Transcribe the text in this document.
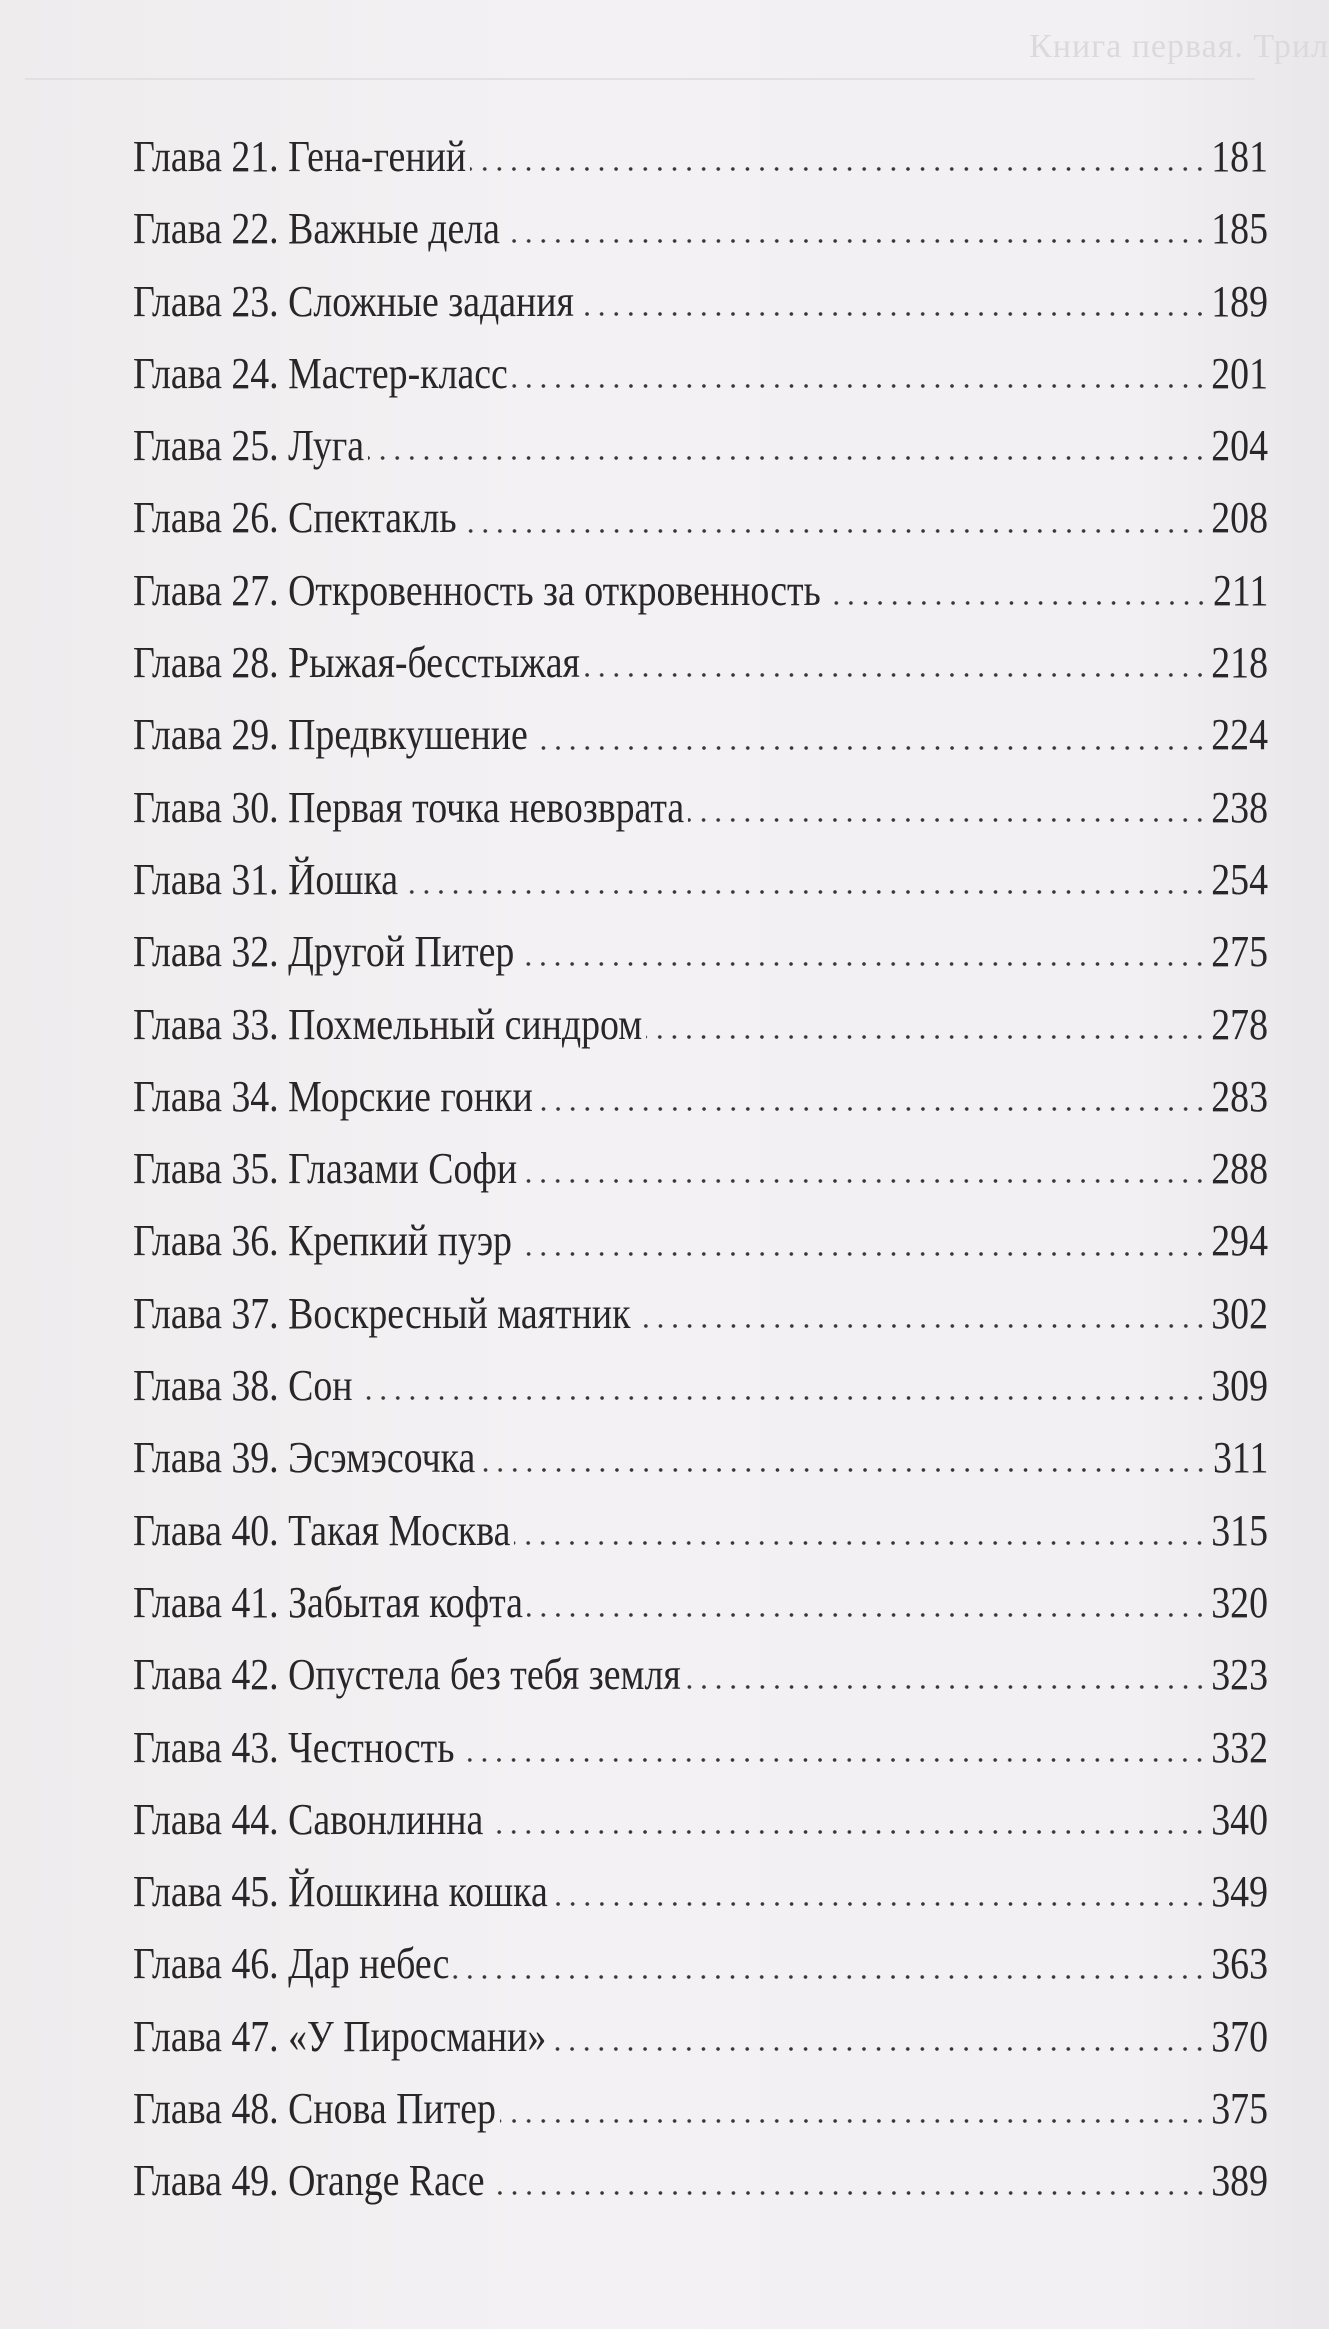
Книга первая. Трил
Глава 21. Гена-гений	181
Глава 22. Важные дела	185
Глава 23. Сложные задания	189
Глава 24. Мастер-класс	201
Глава 25. Луга	204
Глава 26. Спектакль	208
Глава 27. Откровенность за откровенность	211
Глава 28. Рыжая-бесстыжая	218
Глава 29. Предвкушение	224
Глава 30. Первая точка невозврата	238
Глава 31. Йошка	254
Глава 32. Другой Питер	275
Глава 33. Похмельный синдром	278
Глава 34. Морские гонки	283
Глава 35. Глазами Софи	288
Глава 36. Крепкий пуэр	294
Глава 37. Воскресный маятник	302
Глава 38. Сон	309
Глава 39. Эсэмэсочка	311
Глава 40. Такая Москва	315
Глава 41. Забытая кофта	320
Глава 42. Опустела без тебя земля	323
Глава 43. Честность	332
Глава 44. Савонлинна	340
Глава 45. Йошкина кошка	349
Глава 46. Дар небес	363
Глава 47. «У Пиросмани»	370
Глава 48. Снова Питер	375
Глава 49. Orange Race	389
